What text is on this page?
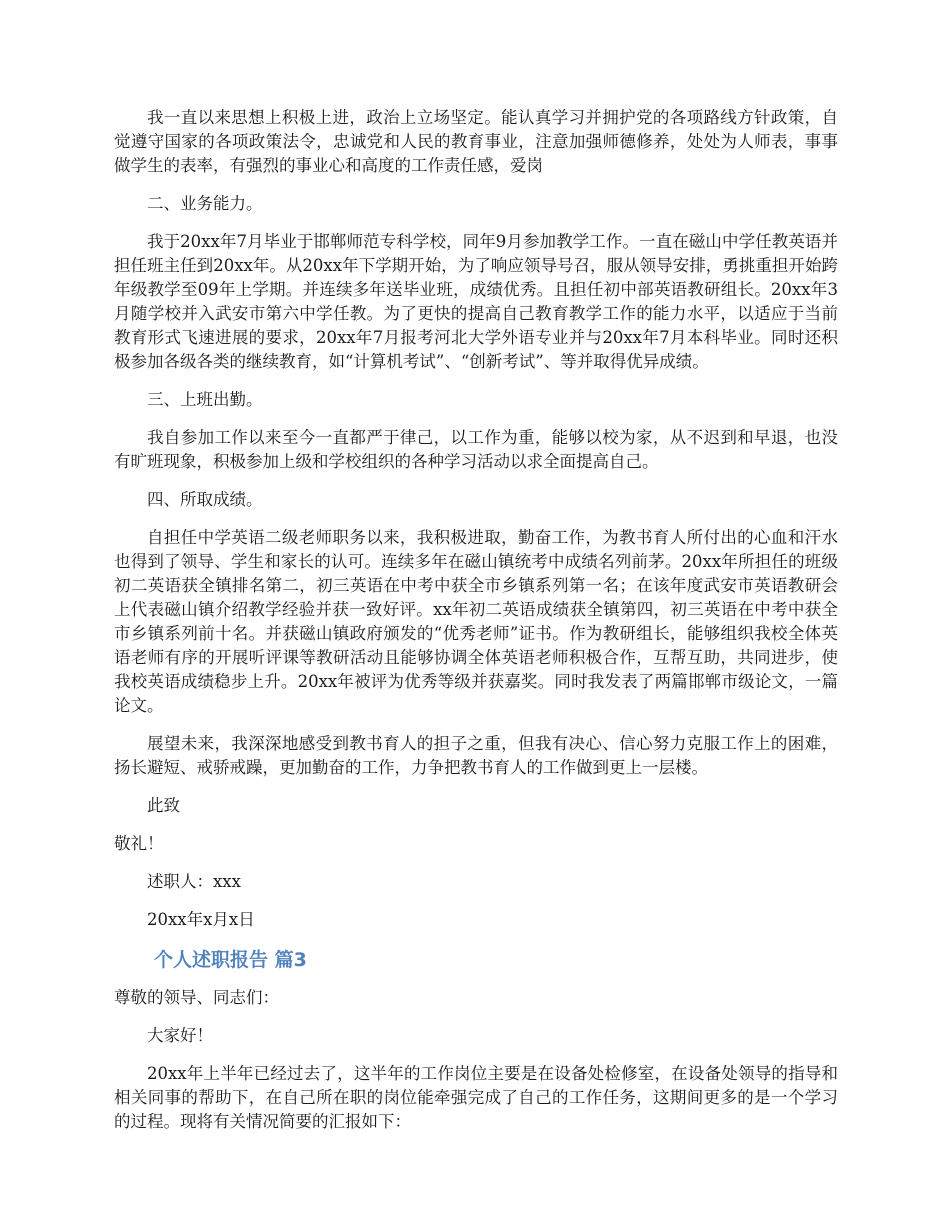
我一直以来思想上积极上进，政治上立场坚定。能认真学习并拥护党的各项路线方针政策，自觉遵守国家的各项政策法令，忠诚党和人民的教育事业，注意加强师德修养，处处为人师表，事事做学生的表率，有强烈的事业心和高度的工作责任感，爱岗

二、业务能力。

我于20xx年7月毕业于邯郸师范专科学校，同年9月参加教学工作。一直在磁山中学任教英语并担任班主任到20xx年。从20xx年下学期开始，为了响应领导号召，服从领导安排，勇挑重担开始跨年级教学至09年上学期。并连续多年送毕业班，成绩优秀。且担任初中部英语教研组长。20xx年3月随学校并入武安市第六中学任教。为了更快的提高自己教育教学工作的能力水平，以适应于当前教育形式飞速进展的要求，20xx年7月报考河北大学外语专业并与20xx年7月本科毕业。同时还积极参加各级各类的继续教育，如“计算机考试”、“创新考试”、等并取得优异成绩。

三、上班出勤。

我自参加工作以来至今一直都严于律己，以工作为重，能够以校为家，从不迟到和早退，也没有旷班现象，积极参加上级和学校组织的各种学习活动以求全面提高自己。

四、所取成绩。

自担任中学英语二级老师职务以来，我积极进取，勤奋工作，为教书育人所付出的心血和汗水也得到了领导、学生和家长的认可。连续多年在磁山镇统考中成绩名列前茅。20xx年所担任的班级初二英语获全镇排名第二，初三英语在中考中获全市乡镇系列第一名；在该年度武安市英语教研会上代表磁山镇介绍教学经验并获一致好评。xx年初二英语成绩获全镇第四，初三英语在中考中获全市乡镇系列前十名。并获磁山镇政府颁发的“优秀老师”证书。作为教研组长，能够组织我校全体英语老师有序的开展听评课等教研活动且能够协调全体英语老师积极合作，互帮互助，共同进步，使我校英语成绩稳步上升。20xx年被评为优秀等级并获嘉奖。同时我发表了两篇邯郸市级论文，一篇论文。

展望未来，我深深地感受到教书育人的担子之重，但我有决心、信心努力克服工作上的困难，扬长避短、戒骄戒躁，更加勤奋的工作，力争把教书育人的工作做到更上一层楼。

此致

敬礼！

述职人：xxx

20xx年x月x日

个人述职报告 篇3

尊敬的领导、同志们：

大家好！

20xx年上半年已经过去了，这半年的工作岗位主要是在设备处检修室，在设备处领导的指导和相关同事的帮助下，在自己所在职的岗位能牵强完成了自己的工作任务，这期间更多的是一个学习的过程。现将有关情况简要的汇报如下：
